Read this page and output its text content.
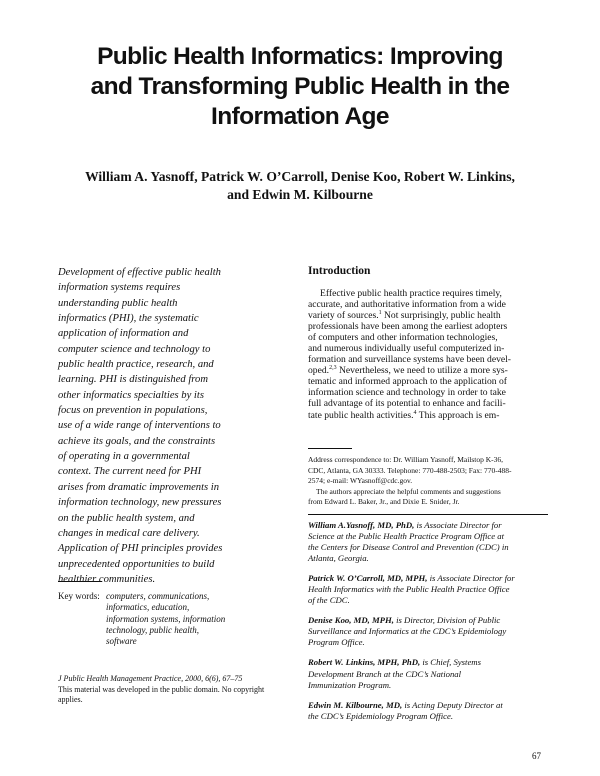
Public Health Informatics: Improving
and Transforming Public Health in the
Information Age
William A. Yasnoff, Patrick W. O’Carroll, Denise Koo, Robert W. Linkins,
and Edwin M. Kilbourne
Development of effective public health
information systems requires
understanding public health
informatics (PHI), the systematic
application of information and
computer science and technology to
public health practice, research, and
learning. PHI is distinguished from
other informatics specialties by its
focus on prevention in populations,
use of a wide range of interventions to
achieve its goals, and the constraints
of operating in a governmental
context. The current need for PHI
arises from dramatic improvements in
information technology, new pressures
on the public health system, and
changes in medical care delivery.
Application of PHI principles provides
unprecedented opportunities to build
healthier communities.
Key words: computers, communications,
informatics, education,
information systems, information
technology, public health,
software
J Public Health Management Practice, 2000, 6(6), 67–75
This material was developed in the public domain. No copyright
applies.
Introduction
Effective public health practice requires timely,
accurate, and authoritative information from a wide
variety of sources.$^1$ Not surprisingly, public health
professionals have been among the earliest adopters
of computers and other information technologies,
and numerous individually useful computerized in-
formation and surveillance systems have been devel-
oped.$^{2,3}$ Nevertheless, we need to utilize a more sys-
tematic and informed approach to the application of
information science and technology in order to take
full advantage of its potential to enhance and facili-
tate public health activities.$^4$ This approach is em-
Address correspondence to: Dr. William Yasnoff, Mailstop K-36,
CDC, Atlanta, GA 30333. Telephone: 770-488-2503; Fax: 770-488-
2574; e-mail: WYasnoff@cdc.gov.
The authors appreciate the helpful comments and suggestions
from Edward L. Baker, Jr., and Dixie E. Snider, Jr.
William A.Yasnoff, MD, PhD, is Associate Director for
Science at the Public Health Practice Program Office at
the Centers for Disease Control and Prevention (CDC) in
Atlanta, Georgia.
Patrick W. O’Carroll, MD, MPH, is Associate Director for
Health Informatics with the Public Health Practice Office
of the CDC.
Denise Koo, MD, MPH, is Director, Division of Public
Surveillance and Informatics at the CDC’s Epidemiology
Program Office.
Robert W. Linkins, MPH, PhD, is Chief, Systems
Development Branch at the CDC’s National
Immunization Program.
Edwin M. Kilbourne, MD, is Acting Deputy Director at
the CDC’s Epidemiology Program Office.
67
